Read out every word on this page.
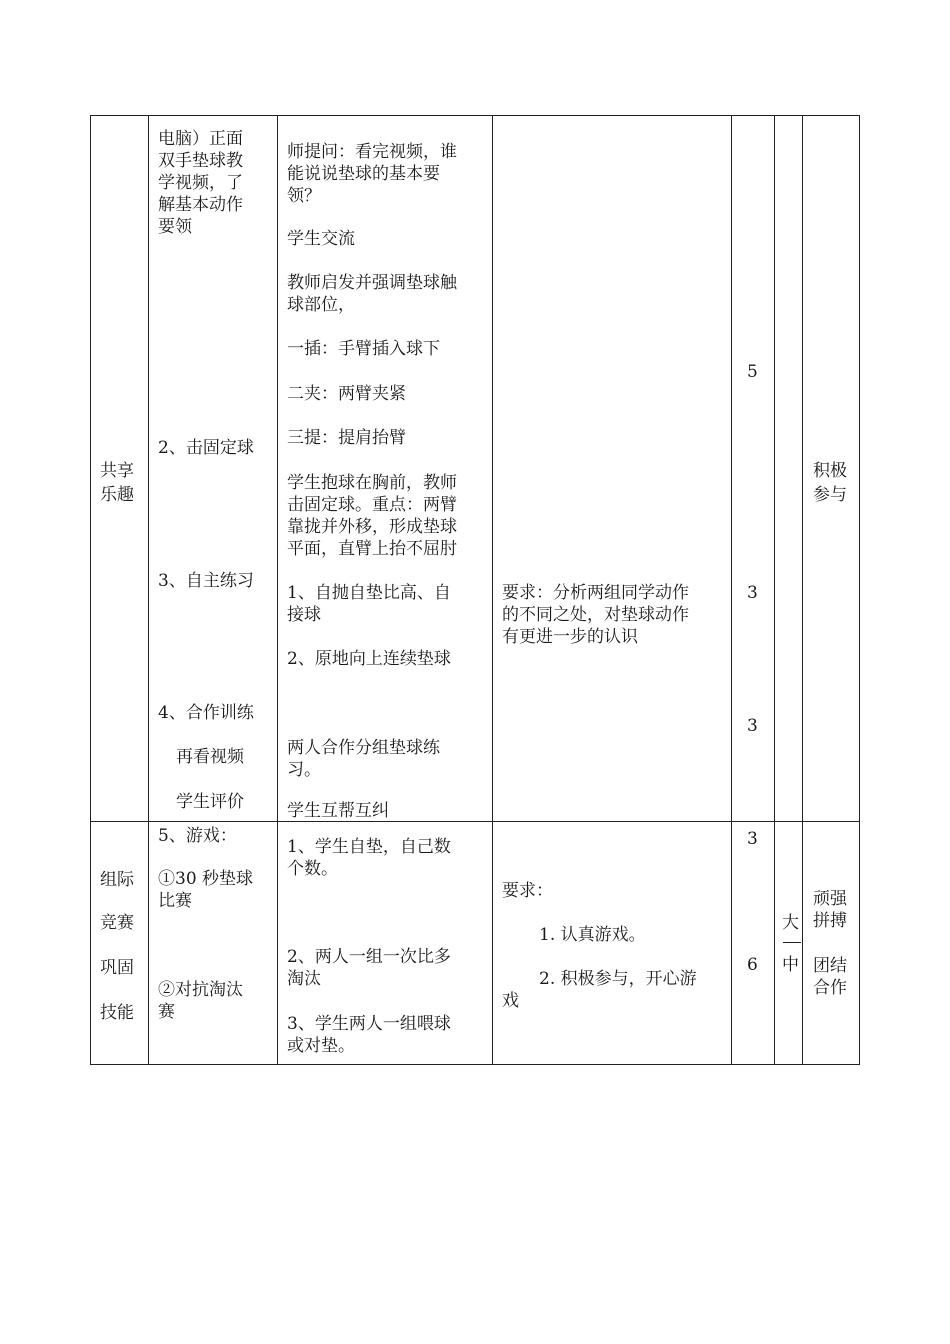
共享
乐趣
电脑）正面
双手垫球教
学视频，了
解基本动作
要领
2、击固定球
3、自主练习
4、合作训练
再看视频
学生评价
师提问：看完视频，谁
能说说垫球的基本要
领？
学生交流
教师启发并强调垫球触
球部位，
一插：手臂插入球下
二夹：两臂夹紧
三提：提肩抬臂
学生抱球在胸前，教师
击固定球。重点：两臂
靠拢并外移，形成垫球
平面，直臂上抬不屈肘
1、自抛自垫比高、自
接球
2、原地向上连续垫球
两人合作分组垫球练
习。
学生互帮互纠
要求：分析两组同学动作
的不同之处，对垫球动作
有更进一步的认识
5
3
3
积极
参与
组际
竞赛
巩固
技能
5、游戏：
①30 秒垫球
比赛
②对抗淘汰
赛
1、学生自垫，自己数
个数。
2、两人一组一次比多
淘汰
3、学生两人一组喂球
或对垫。
要求：
1. 认真游戏。
2. 积极参与，开心游
戏
3
6
大
中
顽强
拼搏
团结
合作
